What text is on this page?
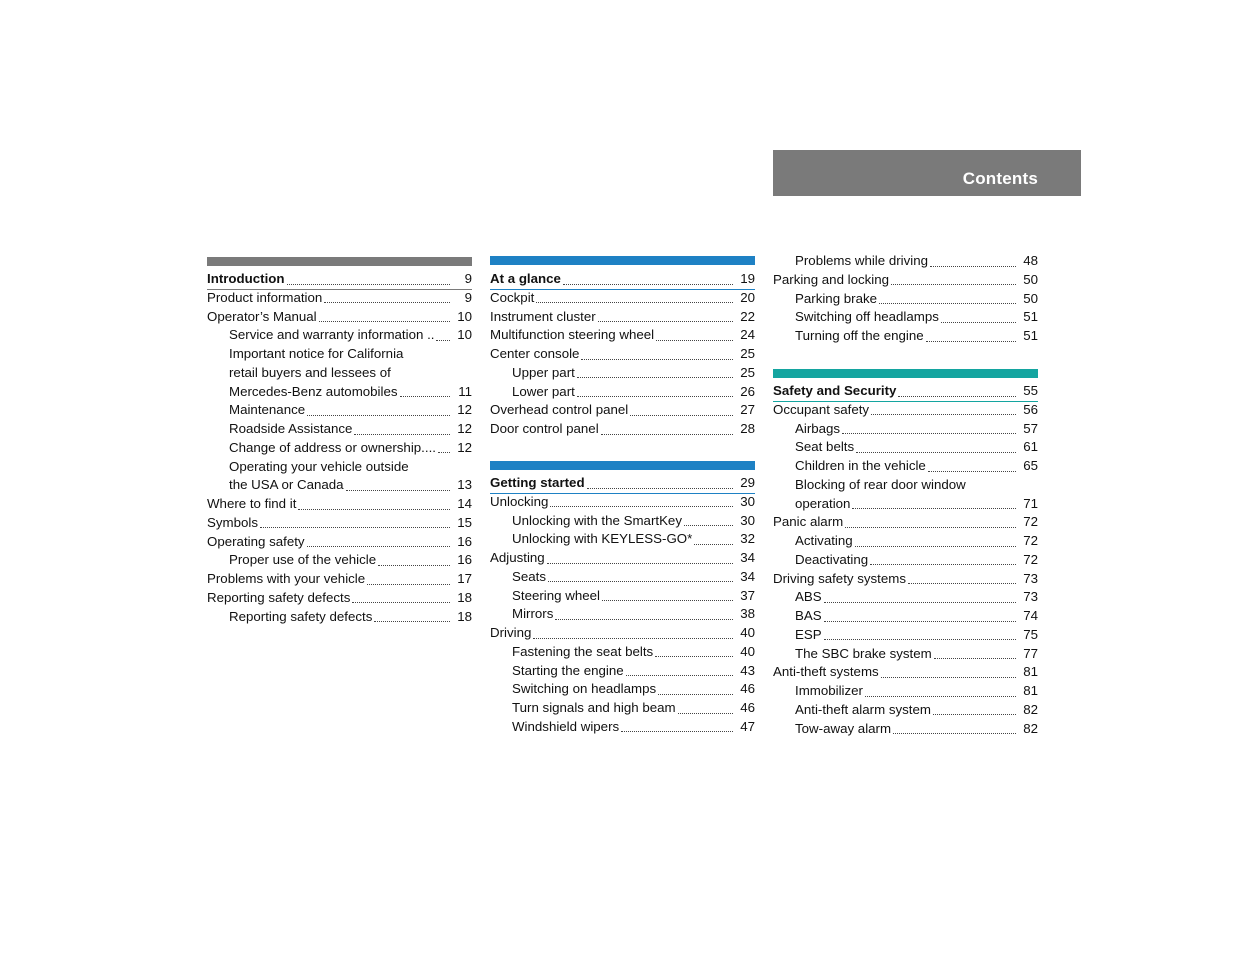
Contents
Introduction	9
Product information	9
Operator’s Manual	10
Service and warranty information ..	10
Important notice for California
retail buyers and lessees of
Mercedes-Benz automobiles	11
Maintenance	12
Roadside Assistance	12
Change of address or ownership....	12
Operating your vehicle outside
the USA or Canada	13
Where to find it	14
Symbols	15
Operating safety	16
Proper use of the vehicle	16
Problems with your vehicle	17
Reporting safety defects	18
Reporting safety defects	18
At a glance	19
Cockpit	20
Instrument cluster	22
Multifunction steering wheel	24
Center console	25
Upper part	25
Lower part	26
Overhead control panel	27
Door control panel	28
Getting started	29
Unlocking	30
Unlocking with the SmartKey	30
Unlocking with KEYLESS-GO*	32
Adjusting	34
Seats	34
Steering wheel	37
Mirrors	38
Driving	40
Fastening the seat belts	40
Starting the engine	43
Switching on headlamps	46
Turn signals and high beam	46
Windshield wipers	47
Problems while driving	48
Parking and locking	50
Parking brake	50
Switching off headlamps	51
Turning off the engine	51
Safety and Security	55
Occupant safety	56
Airbags	57
Seat belts	61
Children in the vehicle	65
Blocking of rear door window
operation	71
Panic alarm	72
Activating	72
Deactivating	72
Driving safety systems	73
ABS	73
BAS	74
ESP	75
The SBC brake system	77
Anti-theft systems	81
Immobilizer	81
Anti-theft alarm system	82
Tow-away alarm	82
